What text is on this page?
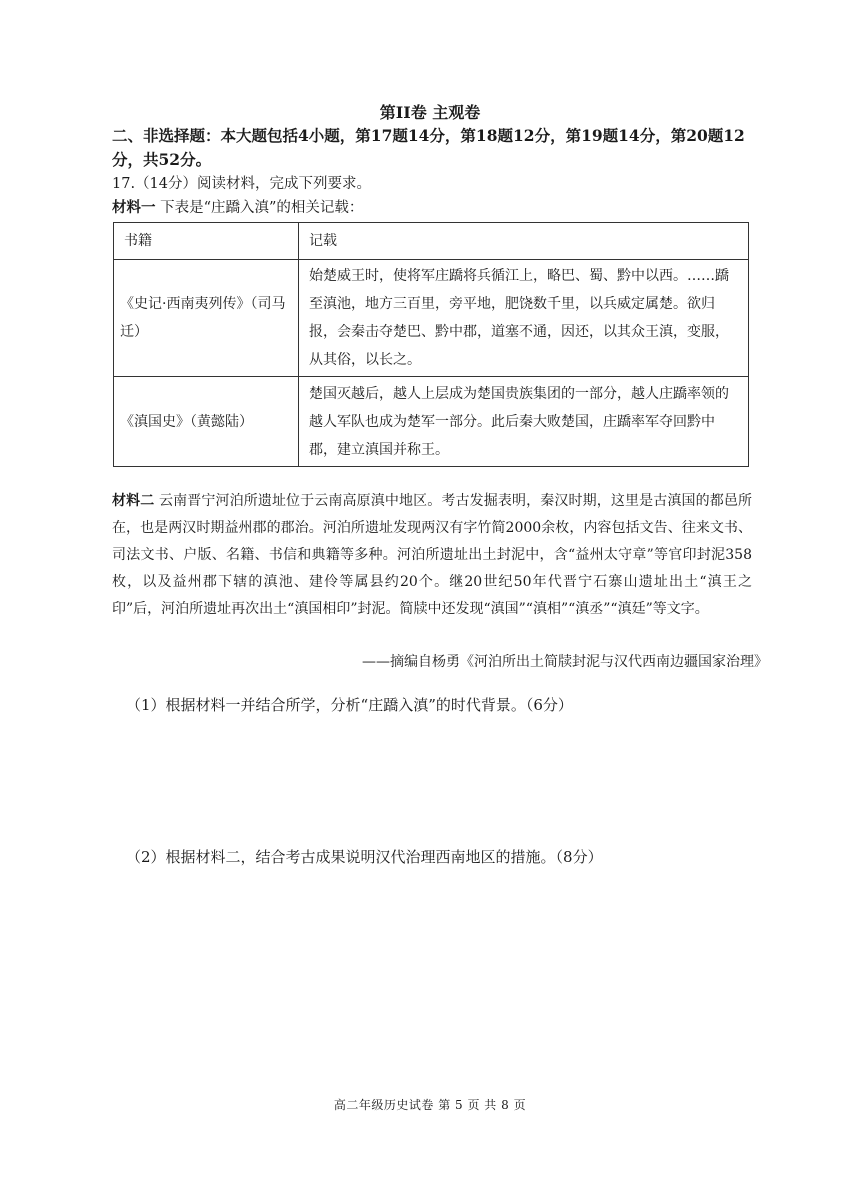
第II卷 主观卷
二、非选择题：本大题包括4小题，第17题14分，第18题12分，第19题14分，第20题12分，共52分。
17.（14分）阅读材料，完成下列要求。
材料一 下表是“庄蹻入滇”的相关记载：
书籍	记载
《史记·西南夷列传》（司马迁）	始楚威王时，使将军庄蹻将兵循江上，略巴、蜀、黔中以西。……蹻至滇池，地方三百里，旁平地，肥饶数千里，以兵威定属楚。欲归报，会秦击夺楚巴、黔中郡，道塞不通，因还，以其众王滇，变服，从其俗，以长之。
《滇国史》（黄懿陆）	楚国灭越后，越人上层成为楚国贵族集团的一部分，越人庄蹻率领的越人军队也成为楚军一部分。此后秦大败楚国，庄蹻率军夺回黔中郡，建立滇国并称王。
材料二 云南晋宁河泊所遗址位于云南高原滇中地区。考古发掘表明，秦汉时期，这里是古滇国的都邑所在，也是两汉时期益州郡的郡治。河泊所遗址发现两汉有字竹简2000余枚，内容包括文告、往来文书、司法文书、户版、名籍、书信和典籍等多种。河泊所遗址出土封泥中，含“益州太守章”等官印封泥358枚，以及益州郡下辖的滇池、建伶等属县约20个。继20世纪50年代晋宁石寨山遗址出土“滇王之印”后，河泊所遗址再次出土“滇国相印”封泥。简牍中还发现“滇国”“滇相”“滇丞”“滇廷”等文字。
——摘编自杨勇《河泊所出土简牍封泥与汉代西南边疆国家治理》
（1）根据材料一并结合所学，分析“庄蹻入滇”的时代背景。（6分）
（2）根据材料二，结合考古成果说明汉代治理西南地区的措施。（8分）
高二年级历史试卷 第 5 页 共 8 页
